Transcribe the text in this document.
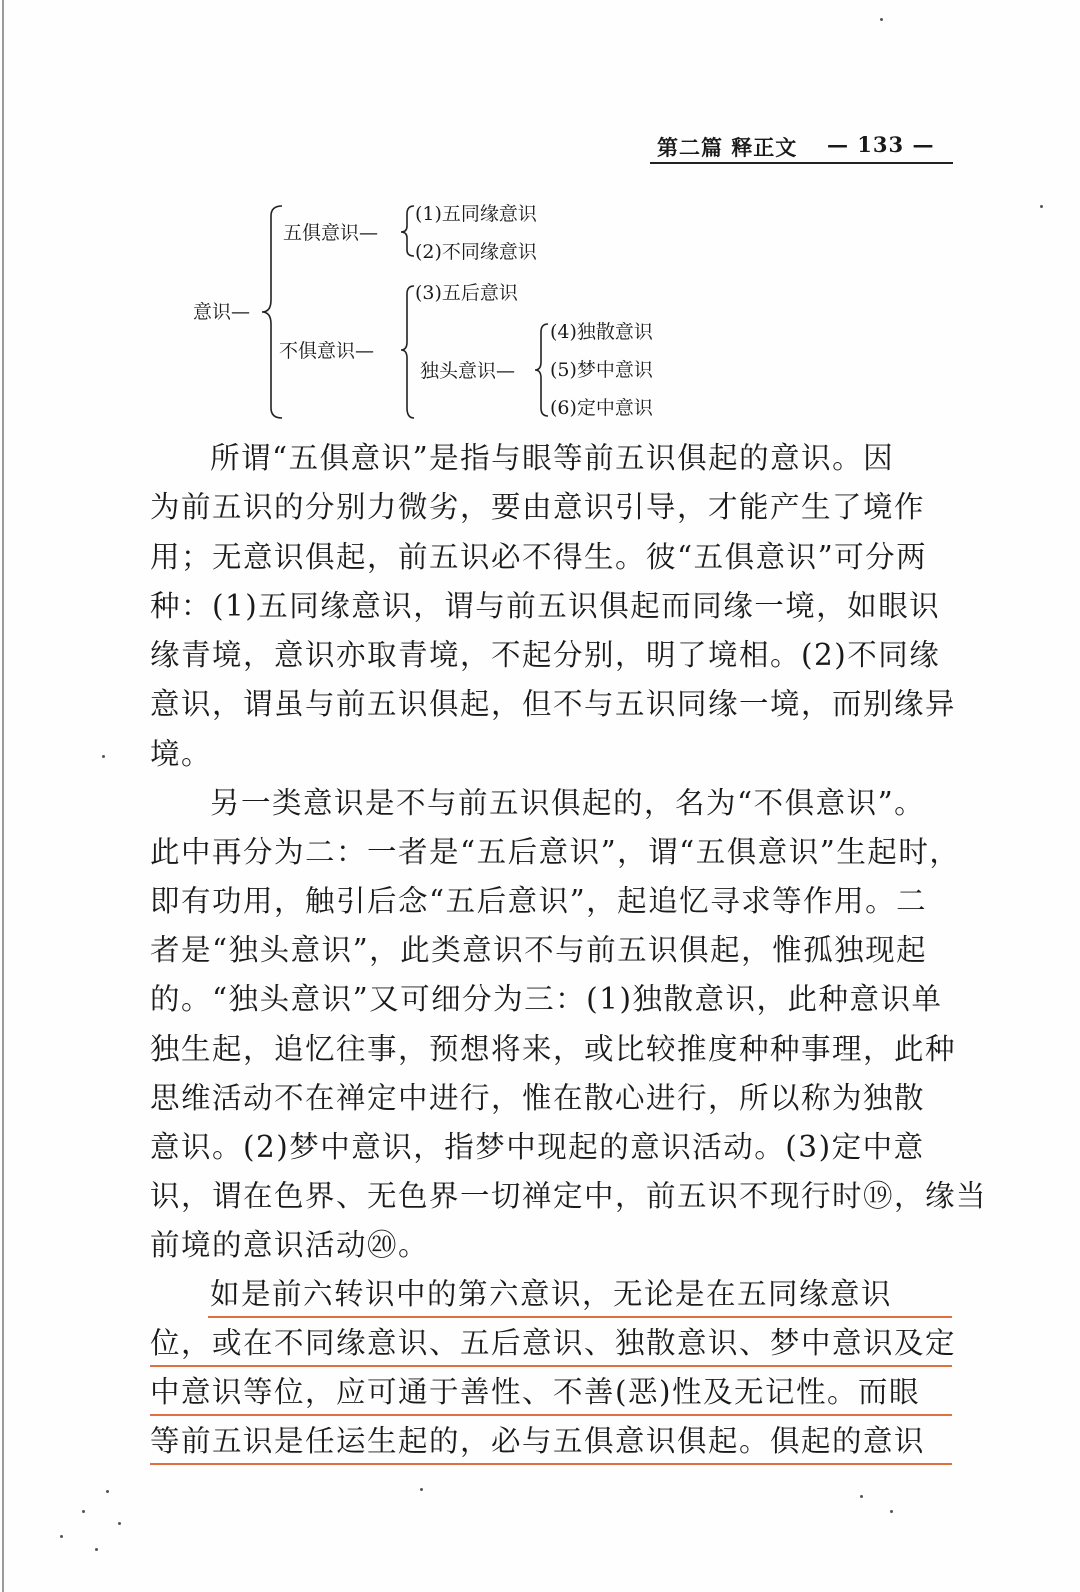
第二篇 释正文 — 133 —
意识—
五俱意识—
(1)五同缘意识
(2)不同缘意识
不俱意识—
(3)五后意识
独头意识—
(4)独散意识
(5)梦中意识
(6)定中意识
所谓“五俱意识”是指与眼等前五识俱起的意识。因
为前五识的分别力微劣，要由意识引导，才能产生了境作
用；无意识俱起，前五识必不得生。彼“五俱意识”可分两
种：(1)五同缘意识，谓与前五识俱起而同缘一境，如眼识
缘青境，意识亦取青境，不起分别，明了境相。(2)不同缘
意识，谓虽与前五识俱起，但不与五识同缘一境，而别缘异
境。
另一类意识是不与前五识俱起的，名为“不俱意识”。
此中再分为二：一者是“五后意识”，谓“五俱意识”生起时，
即有功用，触引后念“五后意识”，起追忆寻求等作用。二
者是“独头意识”，此类意识不与前五识俱起，惟孤独现起
的。“独头意识”又可细分为三：(1)独散意识，此种意识单
独生起，追忆往事，预想将来，或比较推度种种事理，此种
思维活动不在禅定中进行，惟在散心进行，所以称为独散
意识。(2)梦中意识，指梦中现起的意识活动。(3)定中意
识，谓在色界、无色界一切禅定中，前五识不现行时⑲，缘当
前境的意识活动⑳。
如是前六转识中的第六意识，无论是在五同缘意识
位，或在不同缘意识、五后意识、独散意识、梦中意识及定
中意识等位，应可通于善性、不善(恶)性及无记性。而眼
等前五识是任运生起的，必与五俱意识俱起。俱起的意识
